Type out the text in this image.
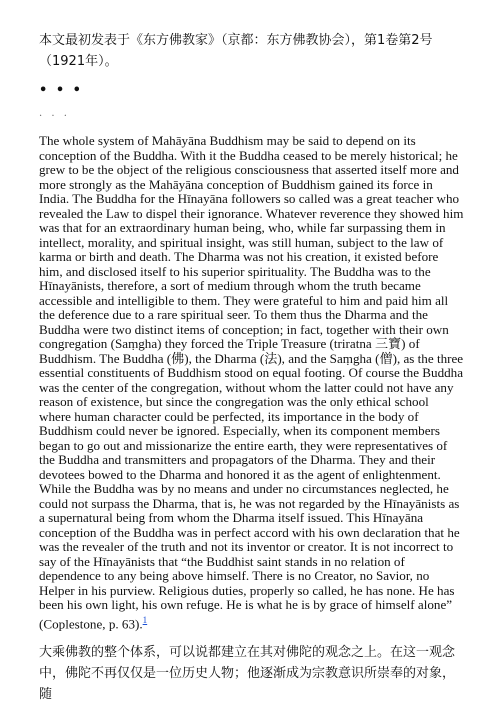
本文最初发表于《东方佛教家》（京都：东方佛教协会），第1卷第2号（1921年）。

• • •
. . .

The whole system of Mahāyāna Buddhism may be said to depend on its conception of the Buddha. With it the Buddha ceased to be merely historical; he grew to be the object of the religious consciousness that asserted itself more and more strongly as the Mahāyāna conception of Buddhism gained its force in India. The Buddha for the Hīnayāna followers so called was a great teacher who revealed the Law to dispel their ignorance. Whatever reverence they showed him was that for an extraordinary human being, who, while far surpassing them in intellect, morality, and spiritual insight, was still human, subject to the law of karma or birth and death. The Dharma was not his creation, it existed before him, and disclosed itself to his superior spirituality. The Buddha was to the Hīnayānists, therefore, a sort of medium through whom the truth became accessible and intelligible to them. They were grateful to him and paid him all the deference due to a rare spiritual seer. To them thus the Dharma and the Buddha were two distinct items of conception; in fact, together with their own congregation (Saṃgha) they forced the Triple Treasure (triratna 三寶) of Buddhism. The Buddha (佛), the Dharma (法), and the Saṃgha (僧), as the three essential constituents of Buddhism stood on equal footing. Of course the Buddha was the center of the congregation, without whom the latter could not have any reason of existence, but since the congregation was the only ethical school where human character could be perfected, its importance in the body of Buddhism could never be ignored. Especially, when its component members began to go out and missionarize the entire earth, they were representatives of the Buddha and transmitters and propagators of the Dharma. They and their devotees bowed to the Dharma and honored it as the agent of enlightenment. While the Buddha was by no means and under no circumstances neglected, he could not surpass the Dharma, that is, he was not regarded by the Hīnayānists as a supernatural being from whom the Dharma itself issued. This Hīnayāna conception of the Buddha was in perfect accord with his own declaration that he was the revealer of the truth and not its inventor or creator. It is not incorrect to say of the Hīnayānists that “the Buddhist saint stands in no relation of dependence to any being above himself. There is no Creator, no Savior, no Helper in his purview. Religious duties, properly so called, he has none. He has been his own light, his own refuge. He is what he is by grace of himself alone” (Coplestone, p. 63).$^1$

大乘佛教的整个体系，可以说都建立在其对佛陀的观念之上。在这一观念中，佛陀不再仅仅是一位历史人物；他逐渐成为宗教意识所崇奉的对象，随
